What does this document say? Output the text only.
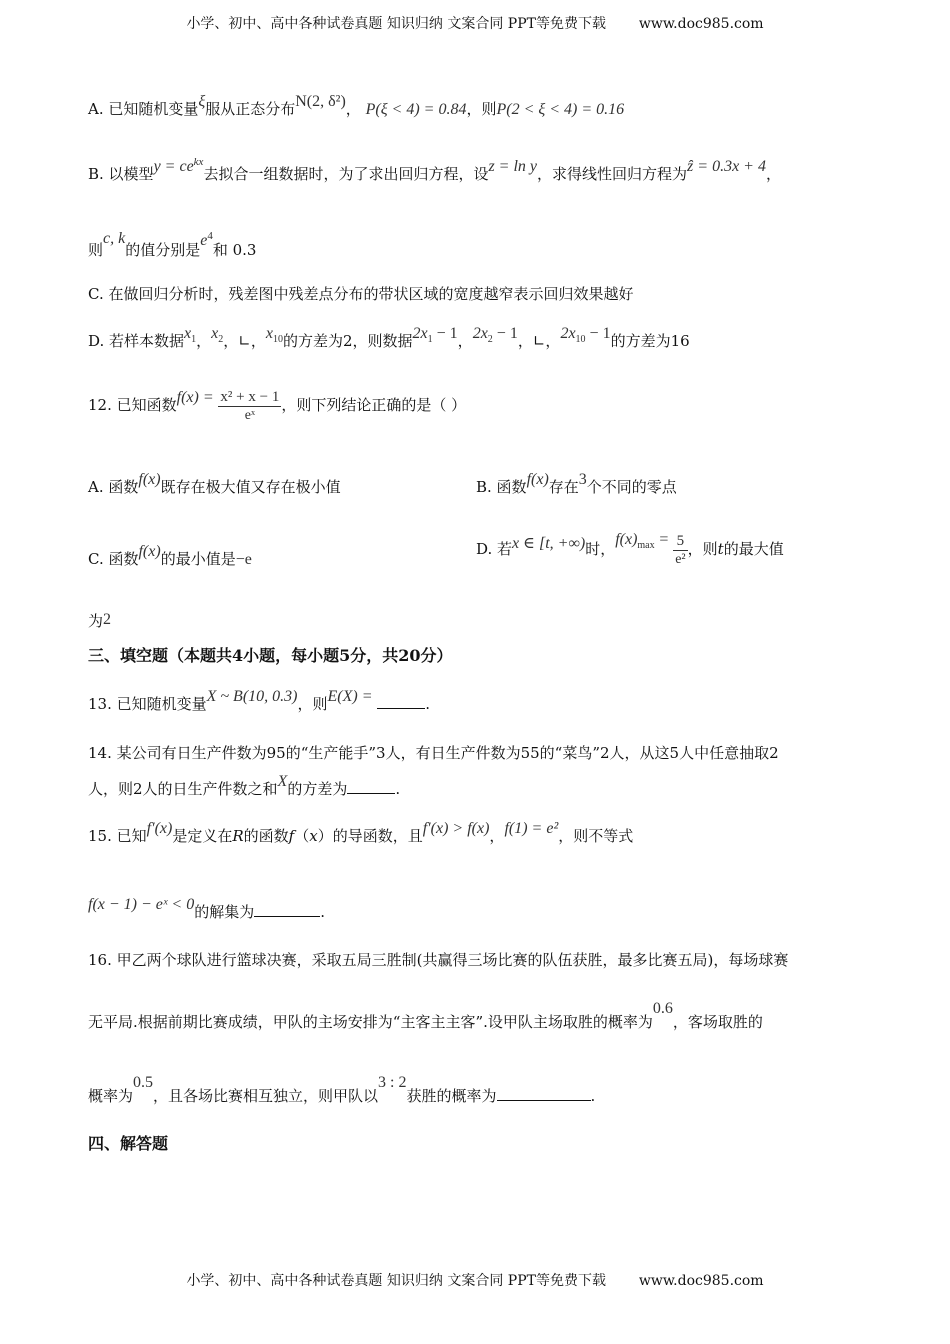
小学、初中、高中各种试卷真题 知识归纳 文案合同 PPT等免费下载 www.doc985.com
A. 已知随机变量ξ服从正态分布N(2, δ²)， P(ξ < 4) = 0.84，则P(2 < ξ < 4) = 0.16
B. 以模型$y = ce^{kx}$去拟合一组数据时，为了求出回归方程，设z = ln y，求得线性回归方程为ẑ = 0.3x + 4，
则c, k的值分别是$e^4$和 0.3
C. 在做回归分析时，残差图中残差点分布的带状区域的宽度越窄表示回归效果越好
D. 若样本数据$x_1$，$x_2$，∟，$x_{10}$的方差为2，则数据$2x_1 - 1$，$2x_2 - 1$，∟，$2x_{10} - 1$的方差为16
12. 已知函数$f(x) = \frac{\text{x² + x − 1}}{\text{eˣ}}$ ，则下列结论正确的是（ ）
A. 函数f(x)既存在极大值又存在极小值	B. 函数f(x)存在3个不同的零点
C. 函数f(x)的最小值是−e
D. 若x ∈ [t, +∞)时，$f(x)_{max} = \frac{5}{\text{e²}}$ ，则t的最大值
为2
三、填空题（本题共4小题，每小题5分，共20分）
13. 已知随机变量X ~ B(10, 0.3)，则E(X) =	.
14. 某公司有日生产件数为95的“生产能手”3人，有日生产件数为55的“菜鸟”2人，从这5人中任意抽取2
人，则2人的日生产件数之和X的方差为	.
15. 已知f′(x)是定义在R的函数f（x）的导函数，且f′(x) > f(x)，f(1) = e²，则不等式
f(x − 1) − eˣ < 0的解集为	.
16. 甲乙两个球队进行篮球决赛，采取五局三胜制(共赢得三场比赛的队伍获胜，最多比赛五局)，每场球赛
无平局.根据前期比赛成绩，甲队的主场安排为“主客主主客”.设甲队主场取胜的概率为0.6，客场取胜的
概率为0.5，且各场比赛相互独立，则甲队以3 : 2获胜的概率为	.
四、解答题
小学、初中、高中各种试卷真题 知识归纳 文案合同 PPT等免费下载 www.doc985.com
